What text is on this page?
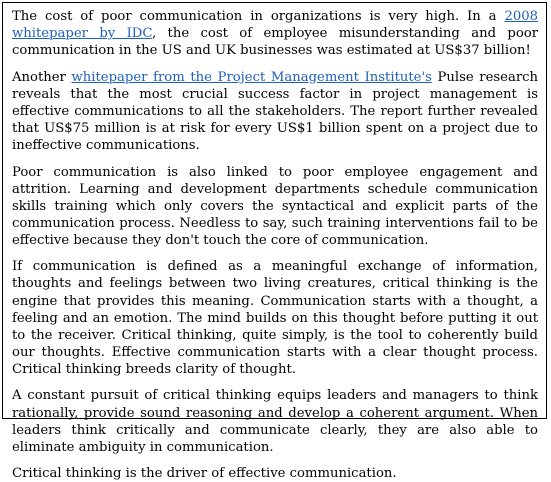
The cost of poor communication in organizations is very high. In a 2008 whitepaper by IDC, the cost of employee misunderstanding and poor communication in the US and UK businesses was estimated at US$37 billion!

Another whitepaper from the Project Management Institute's Pulse research reveals that the most crucial success factor in project management is effective communications to all the stakeholders. The report further revealed that US$75 million is at risk for every US$1 billion spent on a project due to ineffective communications.

Poor communication is also linked to poor employee engagement and attrition. Learning and development departments schedule communication skills training which only covers the syntactical and explicit parts of the communication process. Needless to say, such training interventions fail to be effective because they don't touch the core of communication.

If communication is defined as a meaningful exchange of information, thoughts and feelings between two living creatures, critical thinking is the engine that provides this meaning. Communication starts with a thought, a feeling and an emotion. The mind builds on this thought before putting it out to the receiver. Critical thinking, quite simply, is the tool to coherently build our thoughts. Effective communication starts with a clear thought process. Critical thinking breeds clarity of thought.

A constant pursuit of critical thinking equips leaders and managers to think rationally, provide sound reasoning and develop a coherent argument. When leaders think critically and communicate clearly, they are also able to eliminate ambiguity in communication.

Critical thinking is the driver of effective communication.
